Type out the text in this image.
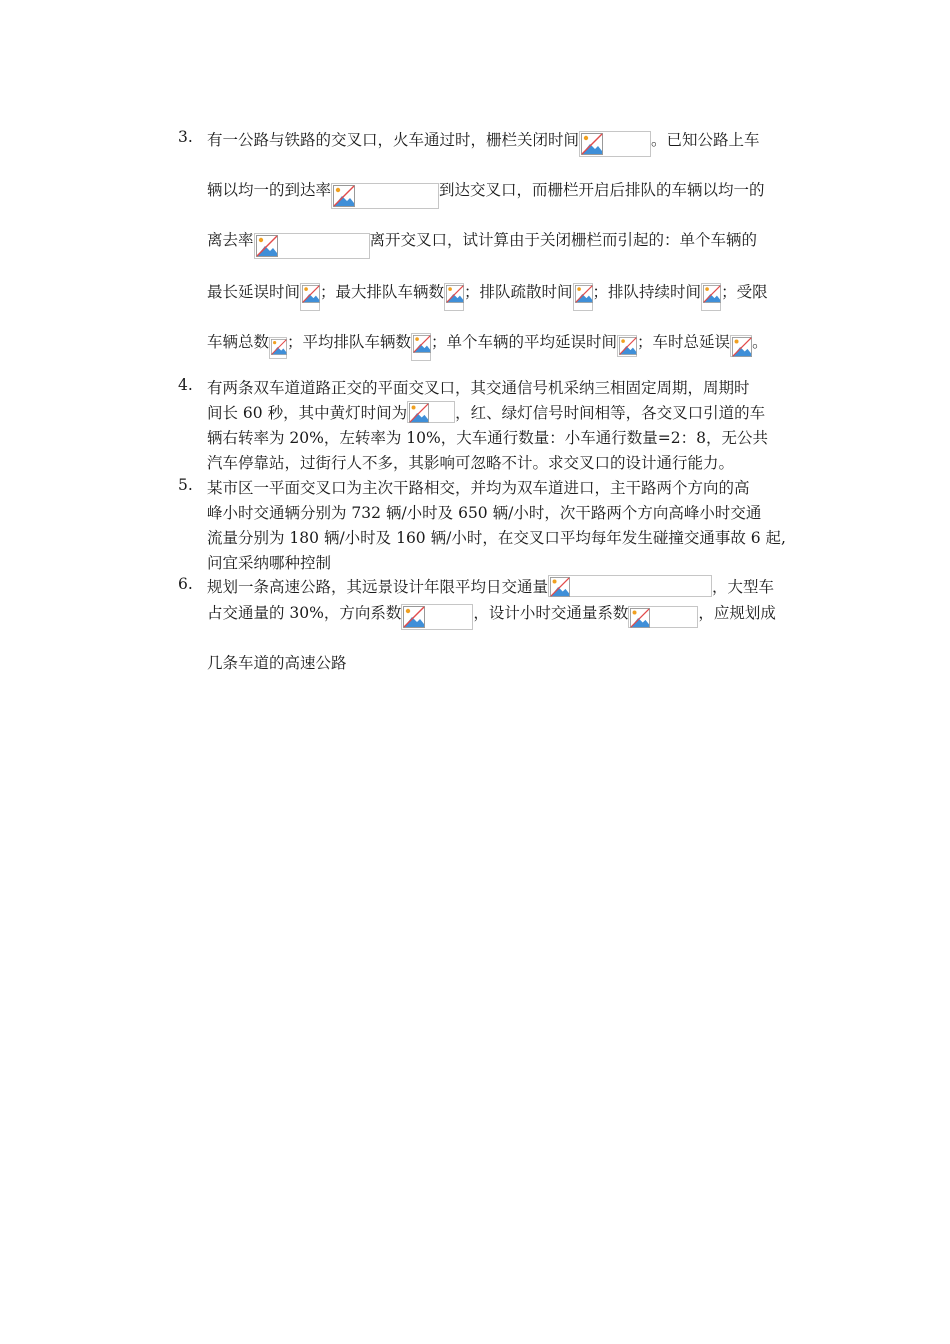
3. 有一公路与铁路的交叉口，火车通过时，栅栏关闭时间	。已知公路上车
辆以均一的到达率	到达交叉口，而栅栏开启后排队的车辆以均一的
离去率	离开交叉口，试计算由于关闭栅栏而引起的：单个车辆的
最长延误时间 ；最大排队车辆数 ；排队疏散时间 ；排队持续时间 ；受限
车辆总数 ；平均排队车辆数 ；单个车辆的平均延误时间 ；车时总延误 。
4. 有两条双车道道路正交的平面交叉口，其交通信号机采纳三相固定周期，周期时
间长 60 秒，其中黄灯时间为	，红、绿灯信号时间相等，各交叉口引道的车
辆右转率为 20%，左转率为 10%，大车通行数量：小车通行数量=2：8，无公共
汽车停靠站，过街行人不多，其影响可忽略不计。求交叉口的设计通行能力。
5. 某市区一平面交叉口为主次干路相交，并均为双车道进口，主干路两个方向的高
峰小时交通辆分别为 732 辆/小时及 650 辆/小时，次干路两个方向高峰小时交通
流量分别为 180 辆/小时及 160 辆/小时，在交叉口平均每年发生碰撞交通事故 6 起,
问宜采纳哪种控制
6. 规划一条高速公路，其远景设计年限平均日交通量	，大型车
占交通量的 30%，方向系数	，设计小时交通量系数	，应规划成
几条车道的高速公路
